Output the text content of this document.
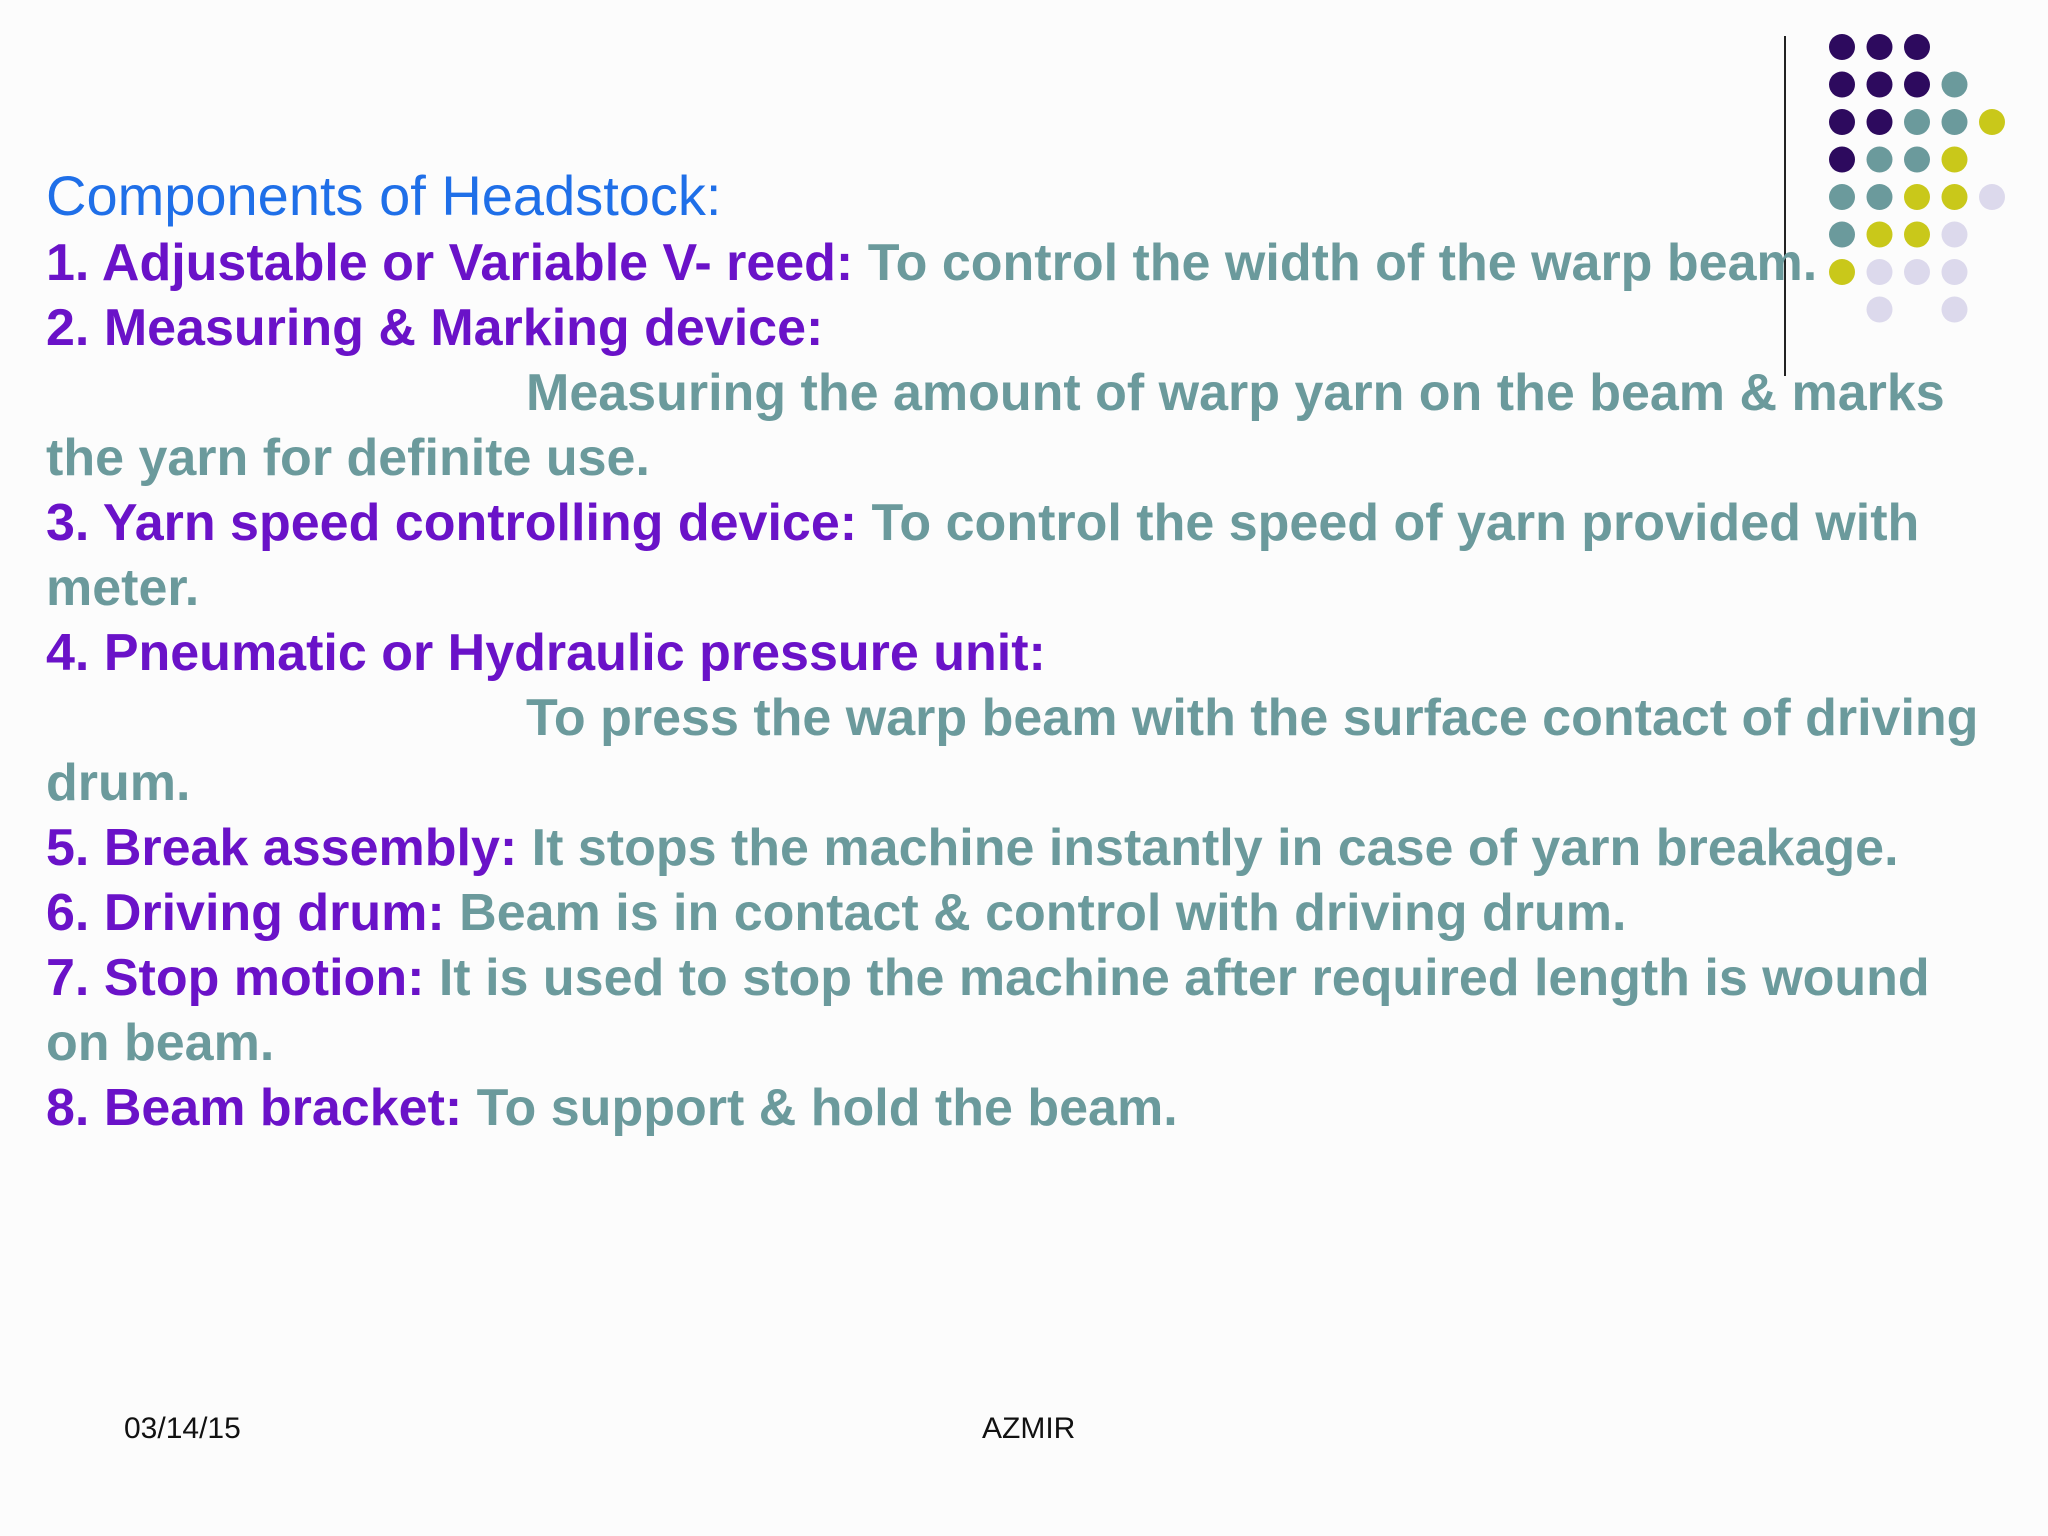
Components of Headstock:
1. Adjustable or Variable V- reed: To control the width of the warp beam.
2. Measuring & Marking device:
Measuring the amount of warp yarn on the beam & marks
the yarn for definite use.
3. Yarn speed controlling device: To control the speed of yarn provided with
meter.
4. Pneumatic or Hydraulic pressure unit:
To press the warp beam with the surface contact of driving
drum.
5. Break assembly: It stops the machine instantly in case of yarn breakage.
6. Driving drum: Beam is in contact & control with driving drum.
7. Stop motion: It is used to stop the machine after required length is wound
on beam.
8. Beam bracket: To support & hold the beam.
03/14/15	AZMIR
